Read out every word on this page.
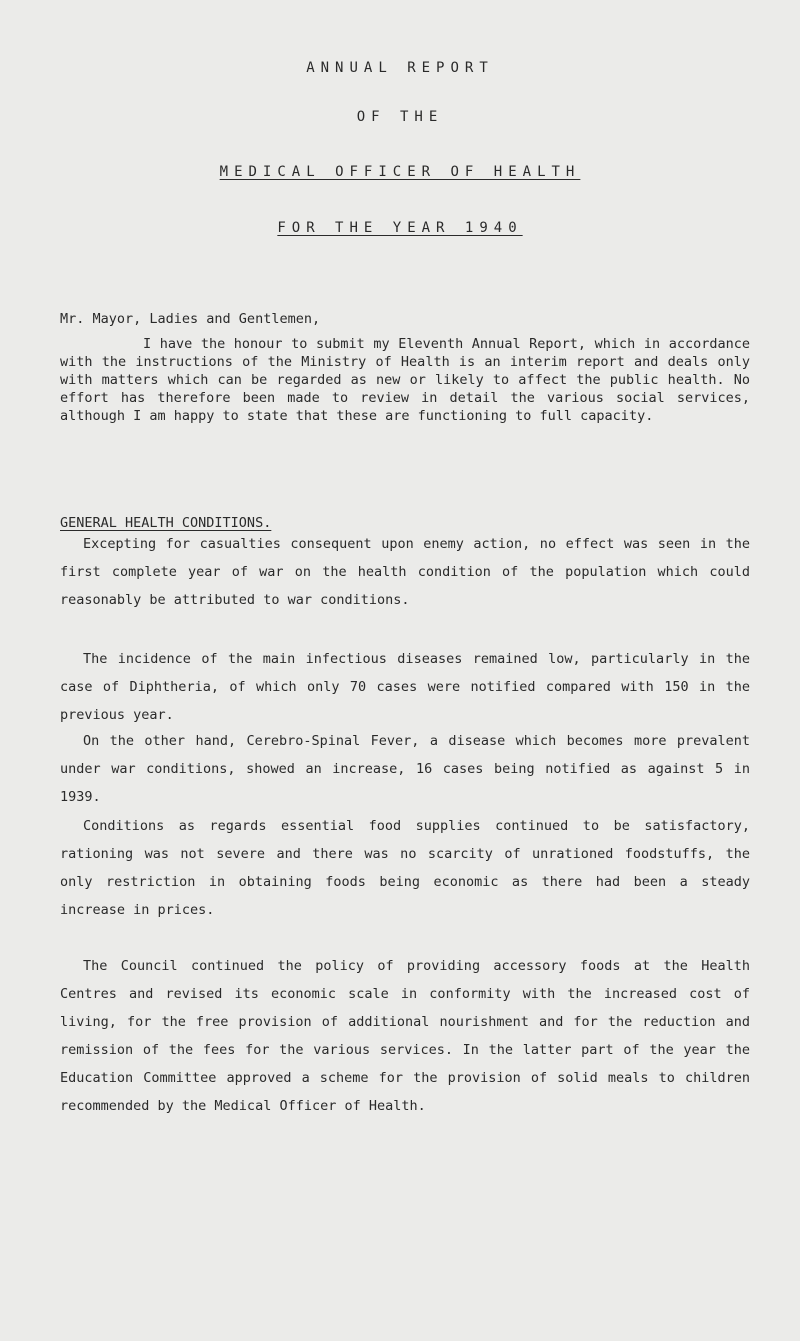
ANNUAL REPORT
OF THE
MEDICAL OFFICER OF HEALTH
FOR THE YEAR 1940
Mr. Mayor, Ladies and Gentlemen,
I have the honour to submit my Eleventh Annual Report, which in accordance with the instructions of the Ministry of Health is an interim report and deals only with matters which can be regarded as new or likely to affect the public health. No effort has therefore been made to review in detail the various social services, although I am happy to state that these are functioning to full capacity.
GENERAL HEALTH CONDITIONS.
Excepting for casualties consequent upon enemy action, no effect was seen in the first complete year of war on the health condition of the population which could reasonably be attributed to war conditions.
The incidence of the main infectious diseases remained low, particularly in the case of Diphtheria, of which only 70 cases were notified compared with 150 in the previous year.
On the other hand, Cerebro-Spinal Fever, a disease which becomes more prevalent under war conditions, showed an increase, 16 cases being notified as against 5 in 1939.
Conditions as regards essential food supplies continued to be satisfactory, rationing was not severe and there was no scarcity of unrationed foodstuffs, the only restriction in obtaining foods being economic as there had been a steady increase in prices.
The Council continued the policy of providing accessory foods at the Health Centres and revised its economic scale in conformity with the increased cost of living, for the free provision of additional nourishment and for the reduction and remission of the fees for the various services. In the latter part of the year the Education Committee approved a scheme for the provision of solid meals to children recommended by the Medical Officer of Health.
